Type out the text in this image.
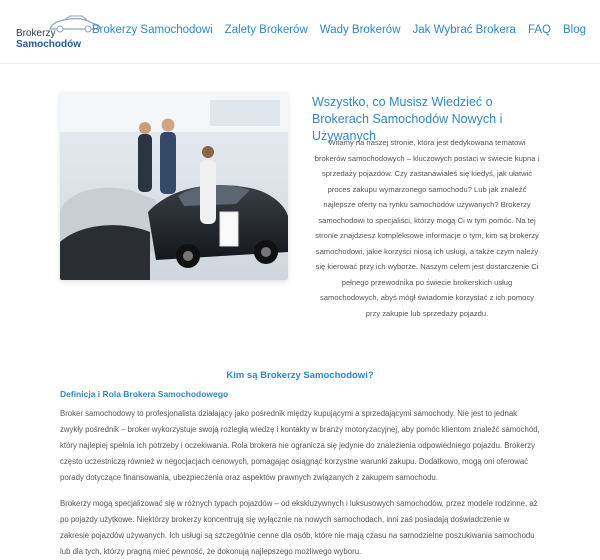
Brokerzy
Samochodów
Brokerzy Samochodowi Zalety Brokerów Wady Brokerów Jak Wybrać Brokera FAQ Blog
Wszystko, co Musisz Wiedzieć o Brokerach Samochodów Nowych i Używanych
Witamy na naszej stronie, która jest dedykowana tematowi brokerów samochodowych – kluczowych postaci w świecie kupna i sprzedaży pojazdów. Czy zastanawiałeś się kiedyś, jak ułatwić proces zakupu wymarzonego samochodu? Lub jak znaleźć najlepsze oferty na rynku samochodów używanych? Brokerzy samochodowi to specjaliści, którzy mogą Ci w tym pomóc. Na tej stronie znajdziesz kompleksowe informacje o tym, kim są brokerzy samochodowi, jakie korzyści niosą ich usługi, a także czym należy się kierować przy ich wyborze. Naszym celem jest dostarczenie Ci pełnego przewodnika po świecie brokerskich usług samochodowych, abyś mógł świadomie korzystać z ich pomocy przy zakupie lub sprzedaży pojazdu.
Kim są Brokerzy Samochodowi?
Definicja i Rola Brokera Samochodowego
Broker samochodowy to profesjonalista działający jako pośrednik między kupującymi a sprzedającymi samochody. Nie jest to jednak zwykły pośrednik – broker wykorzystuje swoją rozległą wiedzę i kontakty w branży motoryzacyjnej, aby pomóc klientom znaleźć samochód, który najlepiej spełnia ich potrzeby i oczekiwania. Rola brokera nie ogranicza się jedynie do znalezienia odpowiedniego pojazdu. Brokerzy często uczestniczą również w negocjacjach cenowych, pomagając osiągnąć korzystne warunki zakupu. Dodatkowo, mogą oni oferować porady dotyczące finansowania, ubezpieczenia oraz aspektów prawnych związanych z zakupem samochodu.
Brokerzy mogą specjalizować się w różnych typach pojazdów – od ekskluzywnych i luksusowych samochodów, przez modele rodzinne, aż po pojazdy użytkowe. Niektórzy brokerzy koncentrują się wyłącznie na nowych samochodach, inni zaś posiadają doświadczenie w zakresie pojazdów używanych. Ich usługi są szczególnie cenne dla osób, które nie mają czasu na samodzielne poszukiwania samochodu lub dla tych, którzy pragną mieć pewność, że dokonują najlepszego możliwego wyboru.
